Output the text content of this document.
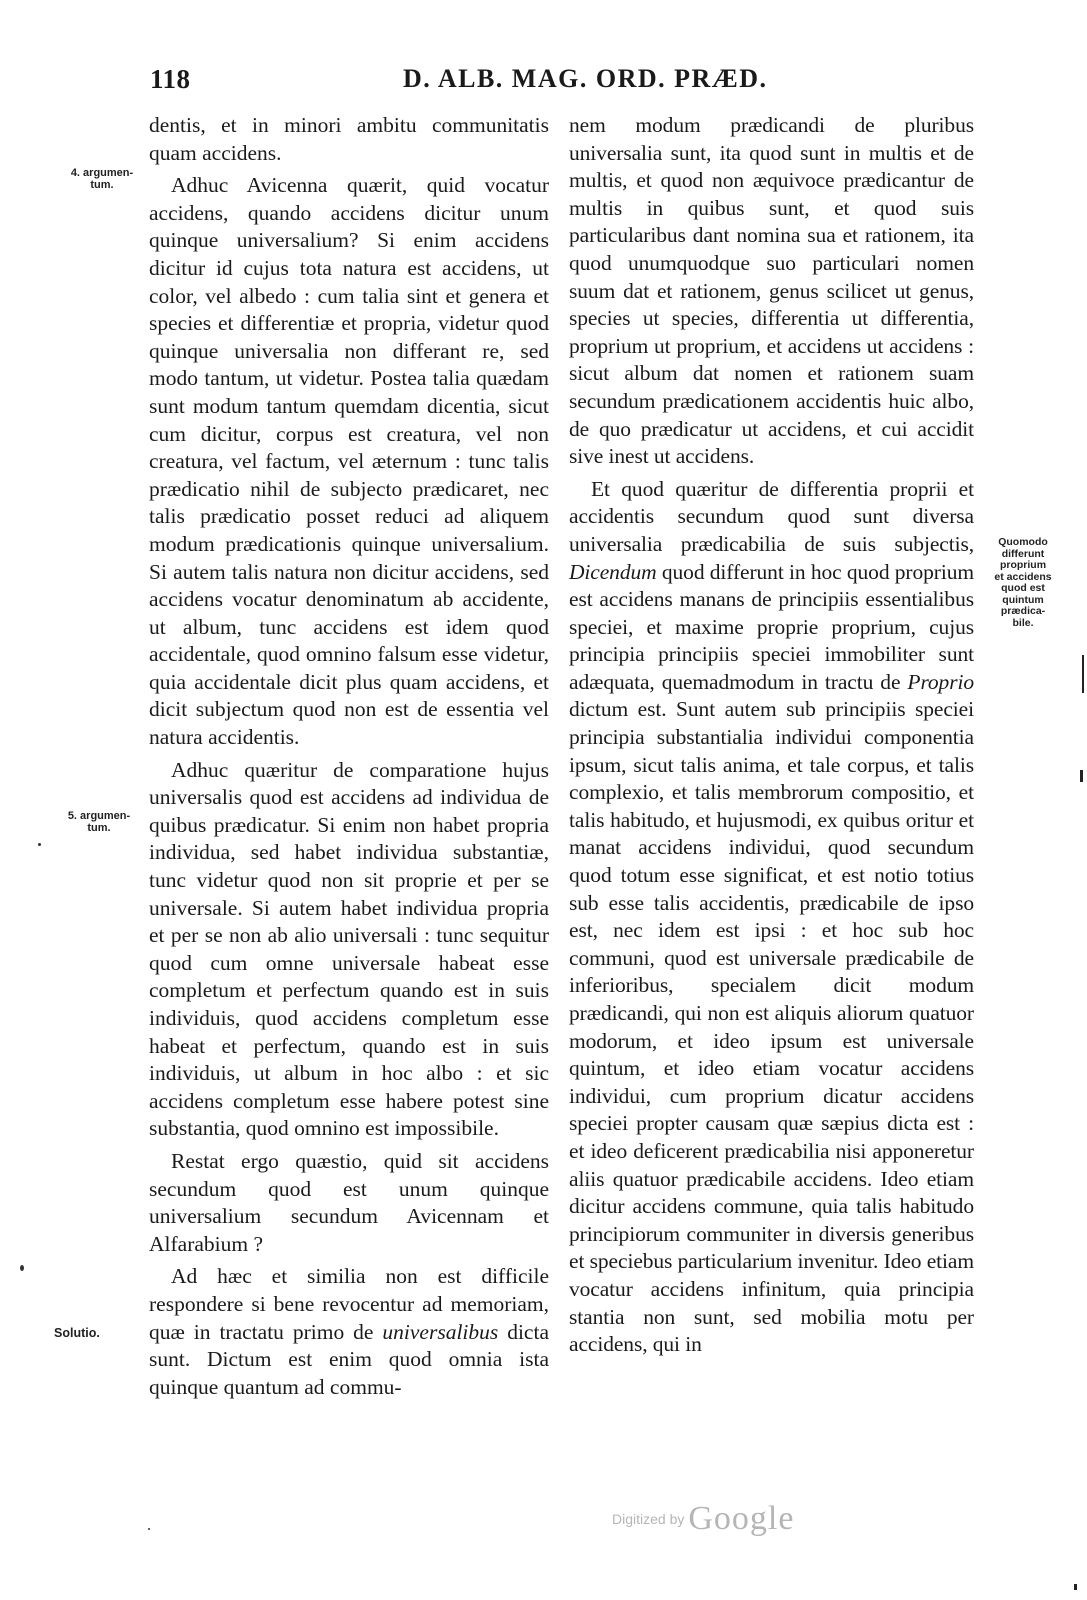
118	D. ALB. MAG. ORD. PRÆD.
4. argumen-
tum.
5. argumen-
tum.
Solutio.
Quomodo
differunt
proprium
et accidens
quod est
quintum
prædica-
bile.

dentis, et in minori ambitu communitatis quam accidens.

Adhuc Avicenna quærit, quid vocatur accidens, quando accidens dicitur unum quinque universalium? Si enim accidens dicitur id cujus tota natura est accidens, ut color, vel albedo : cum talia sint et genera et species et differentiæ et propria, videtur quod quinque universalia non differant re, sed modo tantum, ut videtur. Postea talia quædam sunt modum tantum quemdam dicentia, sicut cum dicitur, corpus est creatura, vel non creatura, vel factum, vel æternum : tunc talis prædicatio nihil de subjecto prædicaret, nec talis prædicatio posset reduci ad aliquem modum prædicationis quinque universalium. Si autem talis natura non dicitur accidens, sed accidens vocatur denominatum ab accidente, ut album, tunc accidens est idem quod accidentale, quod omnino falsum esse videtur, quia accidentale dicit plus quam accidens, et dicit subjectum quod non est de essentia vel natura accidentis.

Adhuc quæritur de comparatione hujus universalis quod est accidens ad individua de quibus prædicatur. Si enim non habet propria individua, sed habet individua substantiæ, tunc videtur quod non sit proprie et per se universale. Si autem habet individua propria et per se non ab alio universali : tunc sequitur quod cum omne universale habeat esse completum et perfectum quando est in suis individuis, quod accidens completum esse habeat et perfectum, quando est in suis individuis, ut album in hoc albo : et sic accidens completum esse habere potest sine substantia, quod omnino est impossibile.

Restat ergo quæstio, quid sit accidens secundum quod est unum quinque universalium secundum Avicennam et Alfarabium ?

Ad hæc et similia non est difficile respondere si bene revocentur ad memoriam, quæ in tractatu primo de universalibus dicta sunt. Dictum est enim quod omnia ista quinque quantum ad commu-

nem modum prædicandi de pluribus universalia sunt, ita quod sunt in multis et de multis, et quod non æquivoce prædicantur de multis in quibus sunt, et quod suis particularibus dant nomina sua et rationem, ita quod unumquodque suo particulari nomen suum dat et rationem, genus scilicet ut genus, species ut species, differentia ut differentia, proprium ut proprium, et accidens ut accidens : sicut album dat nomen et rationem suam secundum prædicationem accidentis huic albo, de quo prædicatur ut accidens, et cui accidit sive inest ut accidens.

Et quod quæritur de differentia proprii et accidentis secundum quod sunt diversa universalia prædicabilia de suis subjectis, Dicendum quod differunt in hoc quod proprium est accidens manans de principiis essentialibus speciei, et maxime proprie proprium, cujus principia principiis speciei immobiliter sunt adæquata, quemadmodum in tractu de Proprio dictum est. Sunt autem sub principiis speciei principia substantialia individui componentia ipsum, sicut talis anima, et tale corpus, et talis complexio, et talis membrorum compositio, et talis habitudo, et hujusmodi, ex quibus oritur et manat accidens individui, quod secundum quod totum esse significat, et est notio totius sub esse talis accidentis, prædicabile de ipso est, nec idem est ipsi : et hoc sub hoc communi, quod est universale prædicabile de inferioribus, specialem dicit modum prædicandi, qui non est aliquis aliorum quatuor modorum, et ideo ipsum est universale quintum, et ideo etiam vocatur accidens individui, cum proprium dicatur accidens speciei propter causam quæ sæpius dicta est : et ideo deficerent prædicabilia nisi apponeretur aliis quatuor prædicabile accidens. Ideo etiam dicitur accidens commune, quia talis habitudo principiorum communiter in diversis generibus et speciebus particularium invenitur. Ideo etiam vocatur accidens infinitum, quia principia stantia non sunt, sed mobilia motu per accidens, qui in

Digitized by Google
